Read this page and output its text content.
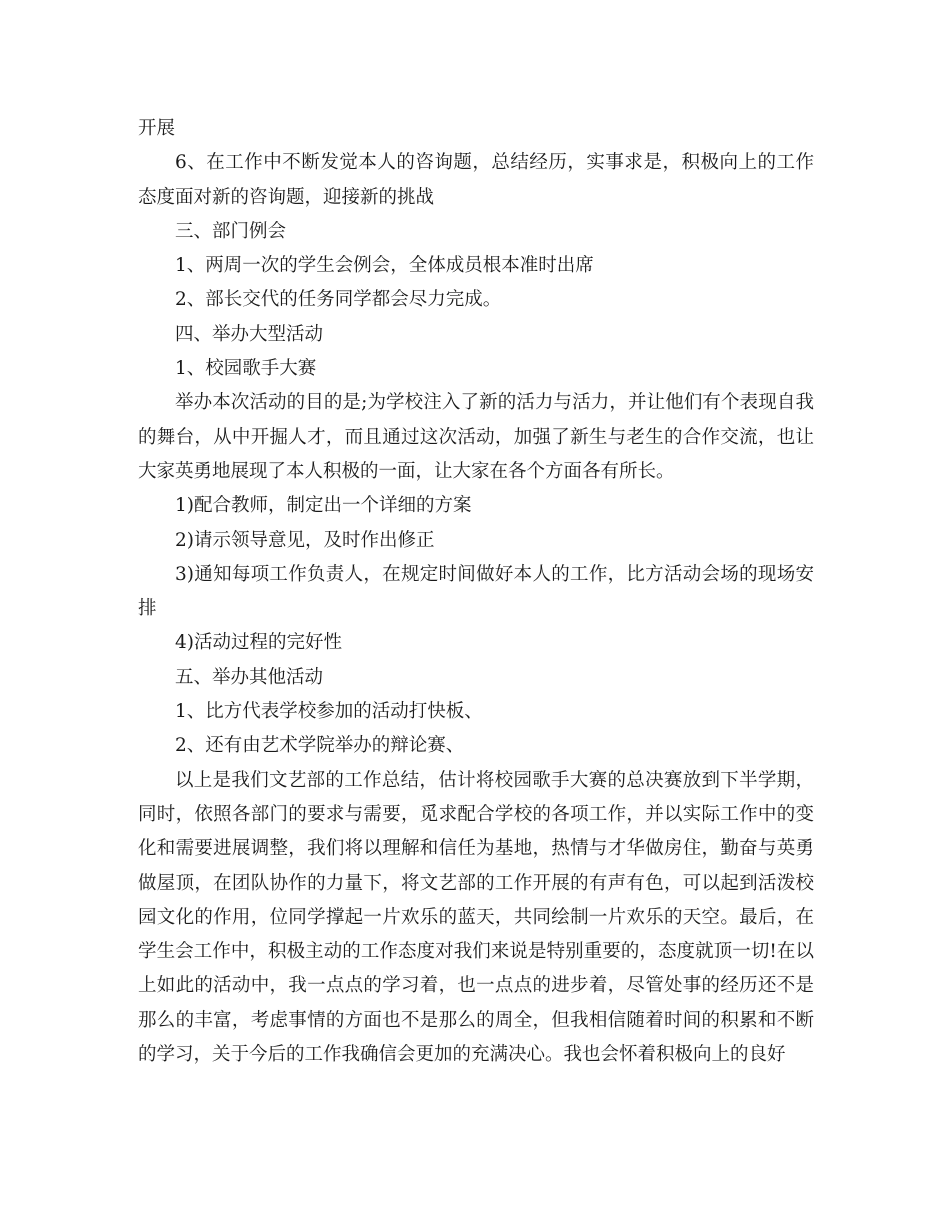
开展

6、在工作中不断发觉本人的咨询题，总结经历，实事求是，积极向上的工作态度面对新的咨询题，迎接新的挑战

三、部门例会

1、两周一次的学生会例会，全体成员根本准时出席

2、部长交代的任务同学都会尽力完成。

四、举办大型活动

1、校园歌手大赛

举办本次活动的目的是;为学校注入了新的活力与活力，并让他们有个表现自我的舞台，从中开掘人才，而且通过这次活动，加强了新生与老生的合作交流，也让大家英勇地展现了本人积极的一面，让大家在各个方面各有所长。

1)配合教师，制定出一个详细的方案

2)请示领导意见，及时作出修正

3)通知每项工作负责人，在规定时间做好本人的工作，比方活动会场的现场安排

4)活动过程的完好性

五、举办其他活动

1、比方代表学校参加的活动打快板、

2、还有由艺术学院举办的辩论赛、

以上是我们文艺部的工作总结，估计将校园歌手大赛的总决赛放到下半学期，同时，依照各部门的要求与需要，觅求配合学校的各项工作，并以实际工作中的变化和需要进展调整，我们将以理解和信任为基地，热情与才华做房住，勤奋与英勇做屋顶，在团队协作的力量下，将文艺部的工作开展的有声有色，可以起到活泼校园文化的作用，位同学撑起一片欢乐的蓝天，共同绘制一片欢乐的天空。最后，在学生会工作中，积极主动的工作态度对我们来说是特别重要的，态度就顶一切!在以上如此的活动中，我一点点的学习着，也一点点的进步着，尽管处事的经历还不是那么的丰富，考虑事情的方面也不是那么的周全，但我相信随着时间的积累和不断的学习，关于今后的工作我确信会更加的充满决心。我也会怀着积极向上的良好
